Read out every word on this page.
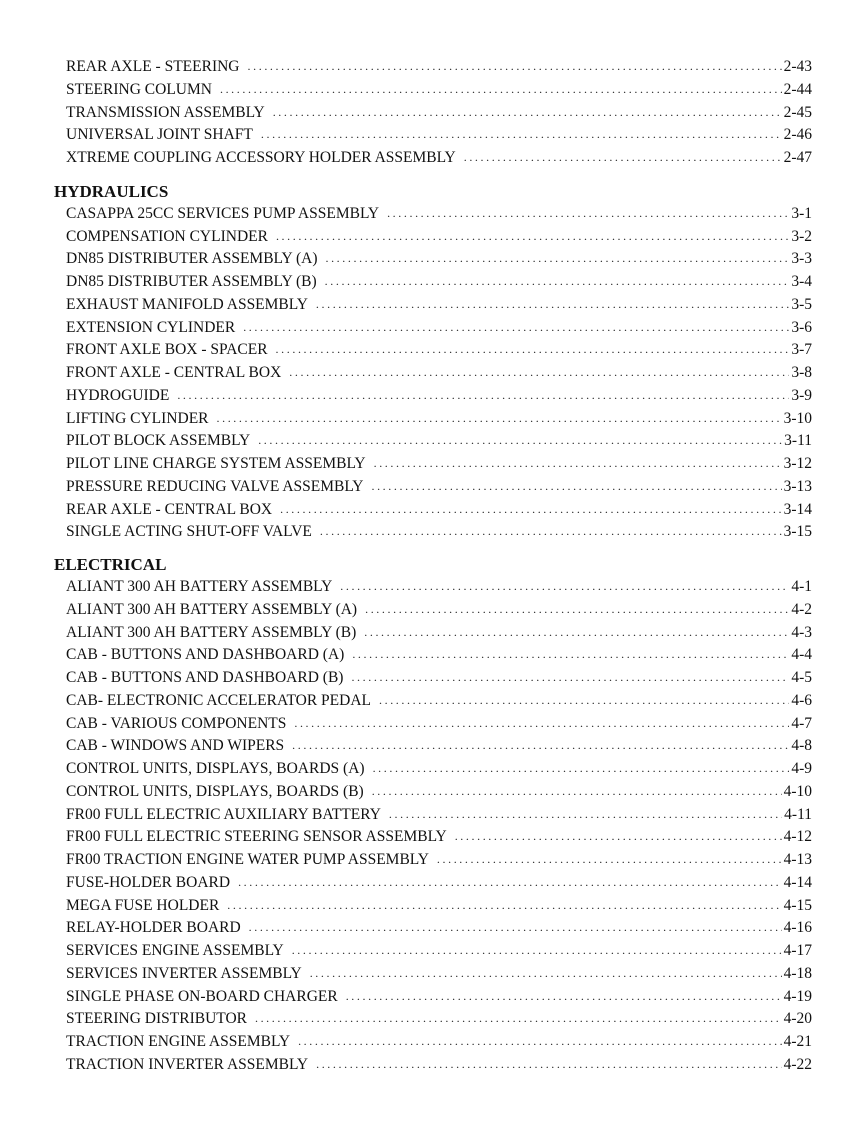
REAR AXLE - STEERING . . .	2-43
STEERING COLUMN . . .	2-44
TRANSMISSION ASSEMBLY . . .	2-45
UNIVERSAL JOINT SHAFT . . .	2-46
XTREME COUPLING ACCESSORY HOLDER ASSEMBLY . . .	2-47
HYDRAULICS
CASAPPA 25CC SERVICES PUMP ASSEMBLY . . .	3-1
COMPENSATION CYLINDER . . .	3-2
DN85 DISTRIBUTER ASSEMBLY (A) . . .	3-3
DN85 DISTRIBUTER ASSEMBLY (B) . . .	3-4
EXHAUST MANIFOLD ASSEMBLY . . .	3-5
EXTENSION CYLINDER . . .	3-6
FRONT AXLE BOX - SPACER . . .	3-7
FRONT AXLE - CENTRAL BOX . . .	3-8
HYDROGUIDE . . .	3-9
LIFTING CYLINDER . . .	3-10
PILOT BLOCK ASSEMBLY . . .	3-11
PILOT LINE CHARGE SYSTEM ASSEMBLY . . .	3-12
PRESSURE REDUCING VALVE ASSEMBLY . . .	3-13
REAR AXLE - CENTRAL BOX . . .	3-14
SINGLE ACTING SHUT-OFF VALVE . . .	3-15
ELECTRICAL
ALIANT 300 AH BATTERY ASSEMBLY . . .	4-1
ALIANT 300 AH BATTERY ASSEMBLY (A) . . .	4-2
ALIANT 300 AH BATTERY ASSEMBLY (B) . . .	4-3
CAB - BUTTONS AND DASHBOARD (A) . . .	4-4
CAB - BUTTONS AND DASHBOARD (B) . . .	4-5
CAB- ELECTRONIC ACCELERATOR PEDAL . . .	4-6
CAB - VARIOUS COMPONENTS . . .	4-7
CAB - WINDOWS AND WIPERS . . .	4-8
CONTROL UNITS, DISPLAYS, BOARDS (A) . . .	4-9
CONTROL UNITS, DISPLAYS, BOARDS (B) . . .	4-10
FR00 FULL ELECTRIC AUXILIARY BATTERY . . .	4-11
FR00 FULL ELECTRIC STEERING SENSOR ASSEMBLY . . .	4-12
FR00 TRACTION ENGINE WATER PUMP ASSEMBLY . . .	4-13
FUSE-HOLDER BOARD . . .	4-14
MEGA FUSE HOLDER . . .	4-15
RELAY-HOLDER BOARD . . .	4-16
SERVICES ENGINE ASSEMBLY . . .	4-17
SERVICES INVERTER ASSEMBLY . . .	4-18
SINGLE PHASE ON-BOARD CHARGER . . .	4-19
STEERING DISTRIBUTOR . . .	4-20
TRACTION ENGINE ASSEMBLY . . .	4-21
TRACTION INVERTER ASSEMBLY . . .	4-22
